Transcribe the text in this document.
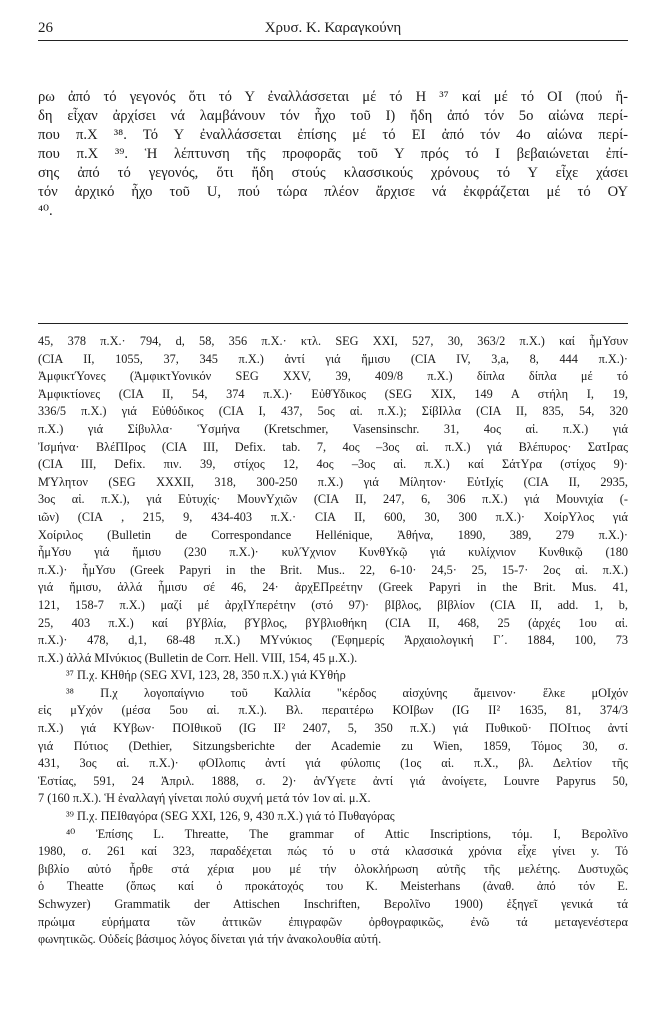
26	Χρυσ. Κ. Καραγκούνη
ρω ἀπό τό γεγονός ὅτι τό Υ ἐναλλάσσεται μέ τό Η ³⁷ καί μέ τό ΟΙ (πού ἤ-
δη εἶχαν ἀρχίσει νά λαμβάνουν τόν ἦχο τοῦ Ι) ἤδη ἀπό τόν 5ο αἰώνα περί-
που π.Χ ³⁸. Τό Υ ἐναλλάσσεται ἐπίσης μέ τό ΕΙ ἀπό τόν 4ο αἰώνα περί-
που π.Χ ³⁹. Ἡ λέπτυνση τῆς προφορᾶς τοῦ Υ πρός τό Ι βεβαιώνεται ἐπί-
σης ἀπό τό γεγονός, ὅτι ἤδη στούς κλασσικούς χρόνους τό Υ εἶχε χάσει
τόν ἀρχικό ἦχο τοῦ U, πού τώρα πλέον ἄρχισε νά ἐκφράζεται μέ τό ΟΥ
⁴⁰.
45, 378 π.Χ.· 794, d, 58, 356 π.Χ.· κτλ. SEG XXI, 527, 30, 363/2 π.Χ.) καί ἧμΥσυν
(CIA II, 1055, 37, 345 π.Χ.) ἀντί γιά ἥμισυ (CIA IV, 3,a, 8, 444 π.Χ.)·
ἈμφικτΎονες (ἈμφικτΥονικόν SEG XXV, 39, 409/8 π.Χ.) δίπλα δίπλα μέ τό
Ἀμφικτίονες (CIA II, 54, 374 π.Χ.)· ΕὐθΎδικος (SEG XIX, 149 A στήλη I, 19,
336/5 π.Χ.) γιά Εὐθύδικος (CIA I, 437, 5ος αἰ. π.Χ.); ΣίβΙλλα (CIA II, 835, 54, 320
π.Χ.) γιά Σίβυλλα· Ὑσμήνα (Kretschmer, Vasensinschr. 31, 4ος αἰ. π.Χ.) γιά
Ἰσμήνα· ΒλέΠΙρος (CIA III, Defix. tab. 7, 4ος –3ος αἰ. π.Χ.) γιά Βλέπυρος· ΣατΙρας
(CIA III, Defix. πιν. 39, στίχος 12, 4ος –3ος αἰ. π.Χ.) καί ΣάτΥρα (στίχος 9)·
ΜΎλητον (SEG XXXII, 318, 300-250 π.Χ.) γιά Μίλητον· ΕὐτΙχίς (CIA II, 2935,
3ος αἰ. π.Χ.), γιά Εὐτυχίς· ΜουνΥχιῶν (CIA II, 247, 6, 306 π.Χ.) γιά Μουνιχία (-
ιῶν) (CIA , 215, 9, 434-403 π.Χ.· CIA II, 600, 30, 300 π.Χ.)· ΧοίρΥλος γιά
Χοίριλος (Bulletin de Correspondance Hellénique, Ἀθήνα, 1890, 389, 279 π.Χ.)·
ἧμΥσυ γιά ἥμισυ (230 π.Χ.)· κυλΎχνιον ΚυνθΥκῷ γιά κυλίχνιον Κυνθικῷ (180
π.Χ.)· ἧμΥσυ (Greek Papyri in the Brit. Mus.. 22, 6-10· 24,5· 25, 15-7· 2ος αἰ. π.Χ.)
γιά ἥμισυ, ἀλλά ἧμισυ σέ 46, 24· ἀρχΕΠρεέτην (Greek Papyri in the Brit. Mus. 41,
121, 158-7 π.Χ.) μαζί μέ ἀρχΙΥπερέτην (στό 97)· βΙβλος, βΙβλίον (CIA II, add. 1, b,
25, 403 π.Χ.) καί βΥβλία, βΎβλος, βΥβλιοθήκη (CIA II, 468, 25 (ἀρχές 1ου αἰ.
π.Χ.)· 478, d,1, 68-48 π.Χ.) ΜΥνύκιος (Ἐφημερίς Ἀρχαιολογική Γ΄. 1884, 100, 73
π.Χ.) ἀλλά ΜΙνύκιος (Bulletin de Corr. Hell. VIII, 154, 45 μ.Χ.).
³⁷ Π.χ. ΚΗθήρ (SEG XVI, 123, 28, 350 π.Χ.) γιά ΚΥθήρ
³⁸ Π.χ λογοπαίγνιο τοῦ Καλλία "κέρδος αἰσχύνης ἄμεινον· ἕλκε μΟΙχόν
εἰς μΥχόν (μέσα 5ου αἰ. π.Χ.). Βλ. περαιτέρω ΚΟΙβων (IG II² 1635, 81, 374/3
π.Χ.) γιά ΚΥβων· ΠΟΙθικοῦ (IG II² 2407, 5, 350 π.Χ.) γιά Πυθικοῦ· ΠΟΙτιος ἀντί
γιά Πύτιος (Dethier, Sitzungsberichte der Academie zu Wien, 1859, Τόμος 30, σ.
431, 3ος αἰ. π.Χ.)· φΟΙλοπις ἀντί γιά φύλοπις (1ος αἰ. π.Χ., βλ. Δελτίον τῆς
Ἑστίας, 591, 24 Ἀπριλ. 1888, σ. 2)· ἀνΎγετε ἀντί γιά ἀνοίγετε, Louvre Papyrus 50,
7 (160 π.Χ.). Ἡ ἐναλλαγή γίνεται πολύ συχνή μετά τόν 1ον αἰ. μ.Χ.
³⁹ Π.χ. ΠΕΙθαγόρα (SEG XXI, 126, 9, 430 π.Χ.) γιά τό Πυθαγόρας
⁴⁰ Ἐπίσης L. Threatte, The grammar of Attic Inscriptions, τόμ. I, Βερολῖνο
1980, σ. 261 καί 323, παραδέχεται πώς τό υ στά κλασσικά χρόνια εἶχε γίνει y. Τό
βιβλίο αὐτό ἦρθε στά χέρια μου μέ τήν ὁλοκλήρωση αὐτῆς τῆς μελέτης. Δυστυχῶς
ὁ Theatte (ὅπως καί ὁ προκάτοχός του K. Meisterhans (ἀναθ. ἀπό τόν E.
Schwyzer) Grammatik der Attischen Inschriften, Βερολῖνο 1900) ἐξηγεῖ γενικά τά
πρώιμα εὑρήματα τῶν ἀττικῶν ἐπιγραφῶν ὀρθογραφικῶς, ἐνῶ τά μεταγενέστερα
φωνητικῶς. Οὐδείς βάσιμος λόγος δίνεται γιά τήν ἀνακολουθία αὐτή.
